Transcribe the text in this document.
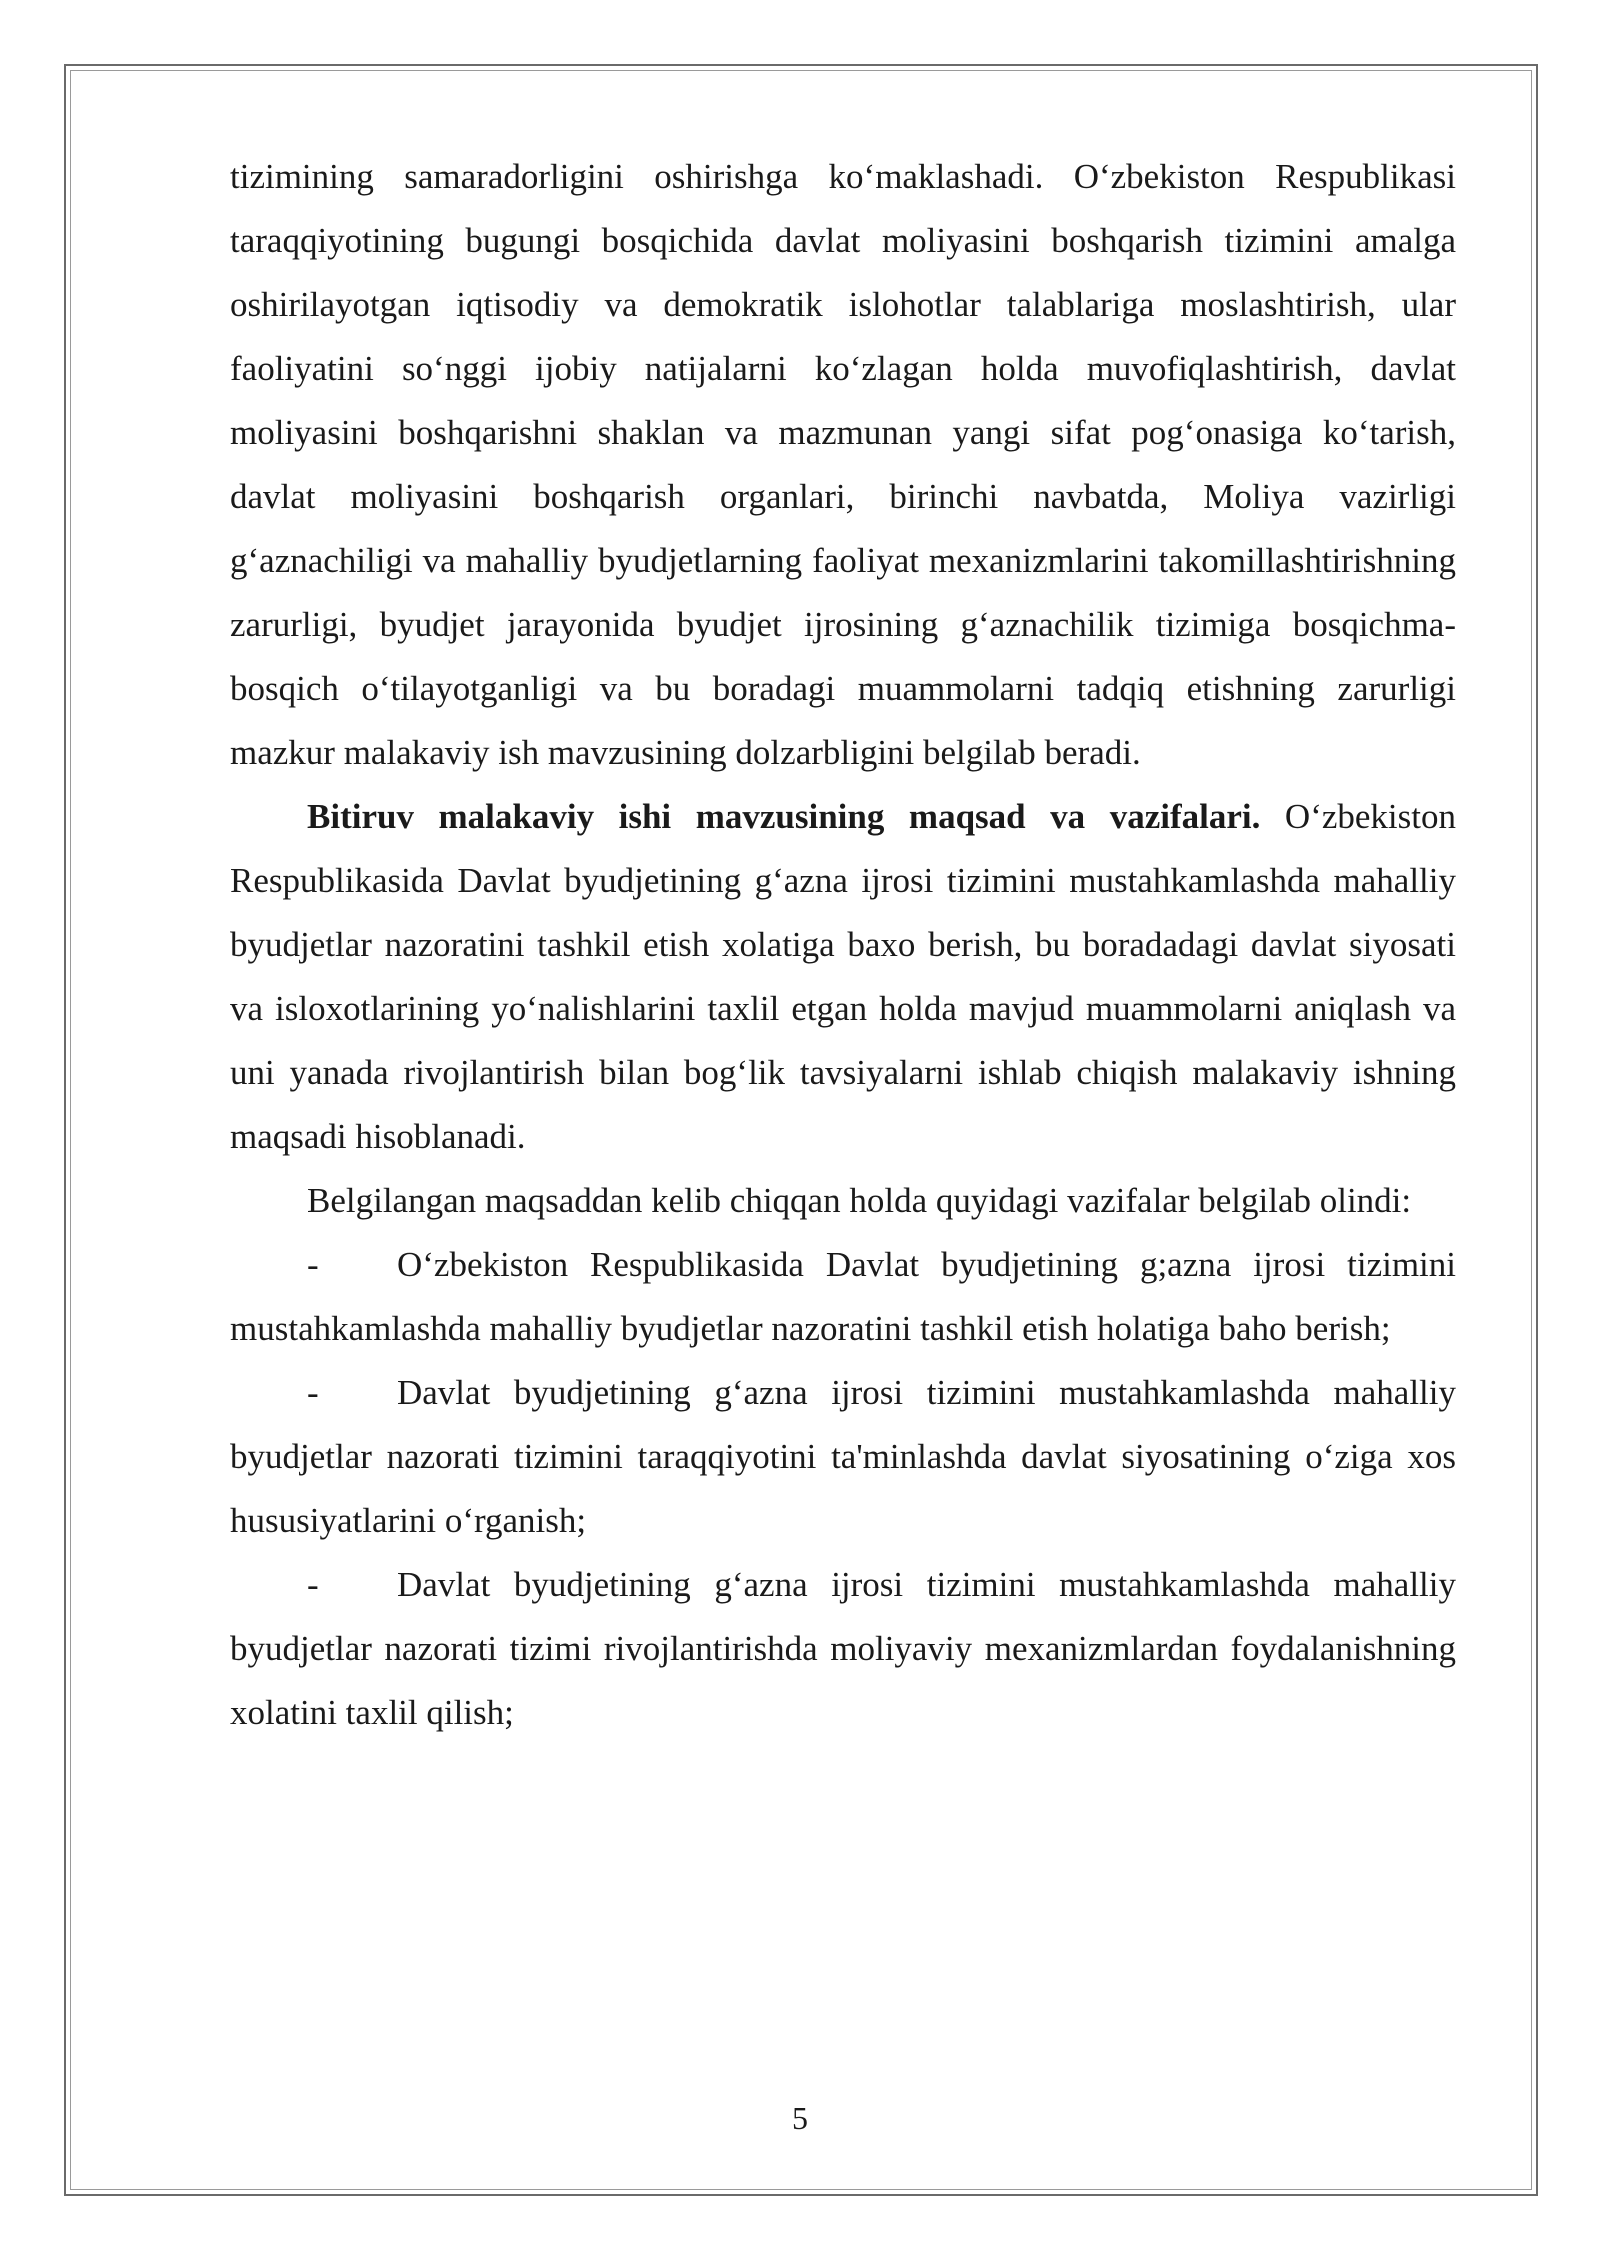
tizimining samaradorligini oshirishga ko‘maklashadi. O‘zbekiston Respublikasi taraqqiyotining bugungi bosqichida davlat moliyasini boshqarish tizimini amalga oshirilayotgan iqtisodiy va demokratik islohotlar talablariga moslashtirish, ular faoliyatini so‘nggi ijobiy natijalarni ko‘zlagan holda muvofiqlashtirish, davlat moliyasini boshqarishni shaklan va mazmunan yangi sifat pog‘onasiga ko‘tarish, davlat moliyasini boshqarish organlari, birinchi navbatda, Moliya vazirligi g‘aznachiligi va mahalliy byudjetlarning faoliyat mexanizmlarini takomillashtirishning zarurligi, byudjet jarayonida byudjet ijrosining g‘aznachilik tizimiga bosqichma-bosqich o‘tilayotganligi va bu boradagi muammolarni tadqiq etishning zarurligi mazkur malakaviy ish mavzusining dolzarbligini belgilab beradi.

Bitiruv malakaviy ishi mavzusining maqsad va vazifalari. O‘zbekiston Respublikasida Davlat byudjetining g‘azna ijrosi tizimini mustahkamlashda mahalliy byudjetlar nazoratini tashkil etish xolatiga baxo berish, bu boradadagi davlat siyosati va isloxotlarining yo‘nalishlarini taxlil etgan holda mavjud muammolarni aniqlash va uni yanada rivojlantirish bilan bog‘lik tavsiyalarni ishlab chiqish malakaviy ishning maqsadi hisoblanadi.

Belgilangan maqsaddan kelib chiqqan holda quyidagi vazifalar belgilab olindi:

- O‘zbekiston Respublikasida Davlat byudjetining g;azna ijrosi tizimini mustahkamlashda mahalliy byudjetlar nazoratini tashkil etish holatiga baho berish;

- Davlat byudjetining g‘azna ijrosi tizimini mustahkamlashda mahalliy byudjetlar nazorati tizimini taraqqiyotini ta'minlashda davlat siyosatining o‘ziga xos hususiyatlarini o‘rganish;

- Davlat byudjetining g‘azna ijrosi tizimini mustahkamlashda mahalliy byudjetlar nazorati tizimi rivojlantirishda moliyaviy mexanizmlardan foydalanishning xolatini taxlil qilish;

5
